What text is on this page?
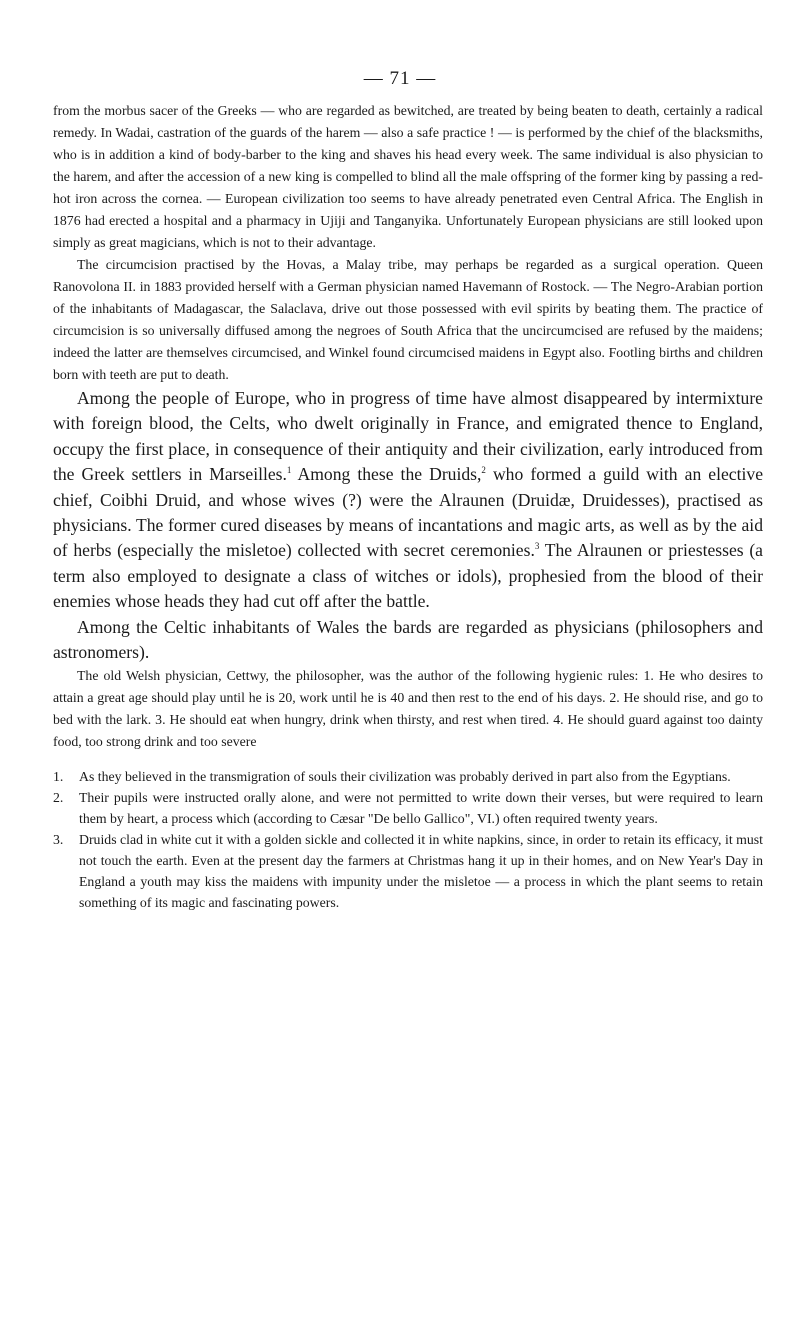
— 71 —

from the morbus sacer of the Greeks — who are regarded as bewitched, are treated by being beaten to death, certainly a radical remedy. In Wadai, castration of the guards of the harem — also a safe practice ! — is performed by the chief of the blacksmiths, who is in addition a kind of body-barber to the king and shaves his head every week. The same individual is also physician to the harem, and after the accession of a new king is compelled to blind all the male offspring of the former king by passing a red-hot iron across the cornea. — European civilization too seems to have already penetrated even Central Africa. The English in 1876 had erected a hospital and a pharmacy in Ujiji and Tanganyika. Unfortunately European physicians are still looked upon simply as great magicians, which is not to their advantage.

The circumcision practised by the Hovas, a Malay tribe, may perhaps be regarded as a surgical operation. Queen Ranovolona II. in 1883 provided herself with a German physician named Havemann of Rostock. — The Negro-Arabian portion of the inhabitants of Madagascar, the Salaclava, drive out those possessed with evil spirits by beating them. The practice of circumcision is so universally diffused among the negroes of South Africa that the uncircumcised are refused by the maidens; indeed the latter are themselves circumcised, and Winkel found circumcised maidens in Egypt also. Footling births and children born with teeth are put to death.

Among the people of Europe, who in progress of time have almost disappeared by intermixture with foreign blood, the Celts, who dwelt originally in France, and emigrated thence to England, occupy the first place, in consequence of their antiquity and their civilization, early introduced from the Greek settlers in Marseilles.$^1$ Among these the Druids,$^2$ who formed a guild with an elective chief, Coibhi Druid, and whose wives (?) were the Alraunen (Druidæ, Druidesses), practised as physicians. The former cured diseases by means of incantations and magic arts, as well as by the aid of herbs (especially the misletoe) collected with secret ceremonies.$^3$ The Alraunen or priestesses (a term also employed to designate a class of witches or idols), prophesied from the blood of their enemies whose heads they had cut off after the battle.

Among the Celtic inhabitants of Wales the bards are regarded as physicians (philosophers and astronomers).

The old Welsh physician, Cettwy, the philosopher, was the author of the following hygienic rules: 1. He who desires to attain a great age should play until he is 20, work until he is 40 and then rest to the end of his days. 2. He should rise, and go to bed with the lark. 3. He should eat when hungry, drink when thirsty, and rest when tired. 4. He should guard against too dainty food, too strong drink and too severe

1. As they believed in the transmigration of souls their civilization was probably derived in part also from the Egyptians.

2. Their pupils were instructed orally alone, and were not permitted to write down their verses, but were required to learn them by heart, a process which (according to Cæsar "De bello Gallico", VI.) often required twenty years.

3. Druids clad in white cut it with a golden sickle and collected it in white napkins, since, in order to retain its efficacy, it must not touch the earth. Even at the present day the farmers at Christmas hang it up in their homes, and on New Year's Day in England a youth may kiss the maidens with impunity under the misletoe — a process in which the plant seems to retain something of its magic and fascinating powers.
